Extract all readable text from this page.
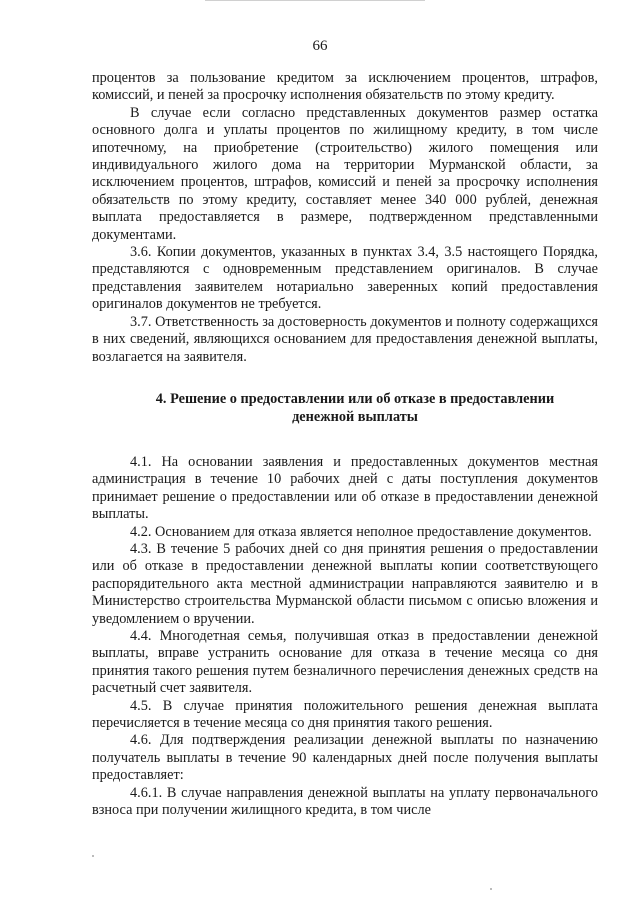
66

процентов за пользование кредитом за исключением процентов, штрафов, комиссий, и пеней за просрочку исполнения обязательств по этому кредиту.

В случае если согласно представленных документов размер остатка основного долга и уплаты процентов по жилищному кредиту, в том числе ипотечному, на приобретение (строительство) жилого помещения или индивидуального жилого дома на территории Мурманской области, за исключением процентов, штрафов, комиссий и пеней за просрочку исполнения обязательств по этому кредиту, составляет менее 340 000 рублей, денежная выплата предоставляется в размере, подтвержденном представленными документами.

3.6. Копии документов, указанных в пунктах 3.4, 3.5 настоящего Порядка, представляются с одновременным представлением оригиналов. В случае представления заявителем нотариально заверенных копий предоставления оригиналов документов не требуется.

3.7. Ответственность за достоверность документов и полноту содержащихся в них сведений, являющихся основанием для предоставления денежной выплаты, возлагается на заявителя.

4. Решение о предоставлении или об отказе в предоставлении
денежной выплаты

4.1. На основании заявления и предоставленных документов местная администрация в течение 10 рабочих дней с даты поступления документов принимает решение о предоставлении или об отказе в предоставлении денежной выплаты.

4.2. Основанием для отказа является неполное предоставление документов.

4.3. В течение 5 рабочих дней со дня принятия решения о предоставлении или об отказе в предоставлении денежной выплаты копии соответствующего распорядительного акта местной администрации направляются заявителю и в Министерство строительства Мурманской области письмом с описью вложения и уведомлением о вручении.

4.4. Многодетная семья, получившая отказ в предоставлении денежной выплаты, вправе устранить основание для отказа в течение месяца со дня принятия такого решения путем безналичного перечисления денежных средств на расчетный счет заявителя.

4.5. В случае принятия положительного решения денежная выплата перечисляется в течение месяца со дня принятия такого решения.

4.6. Для подтверждения реализации денежной выплаты по назначению получатель выплаты в течение 90 календарных дней после получения выплаты предоставляет:

4.6.1. В случае направления денежной выплаты на уплату первоначального взноса при получении жилищного кредита, в том числе
